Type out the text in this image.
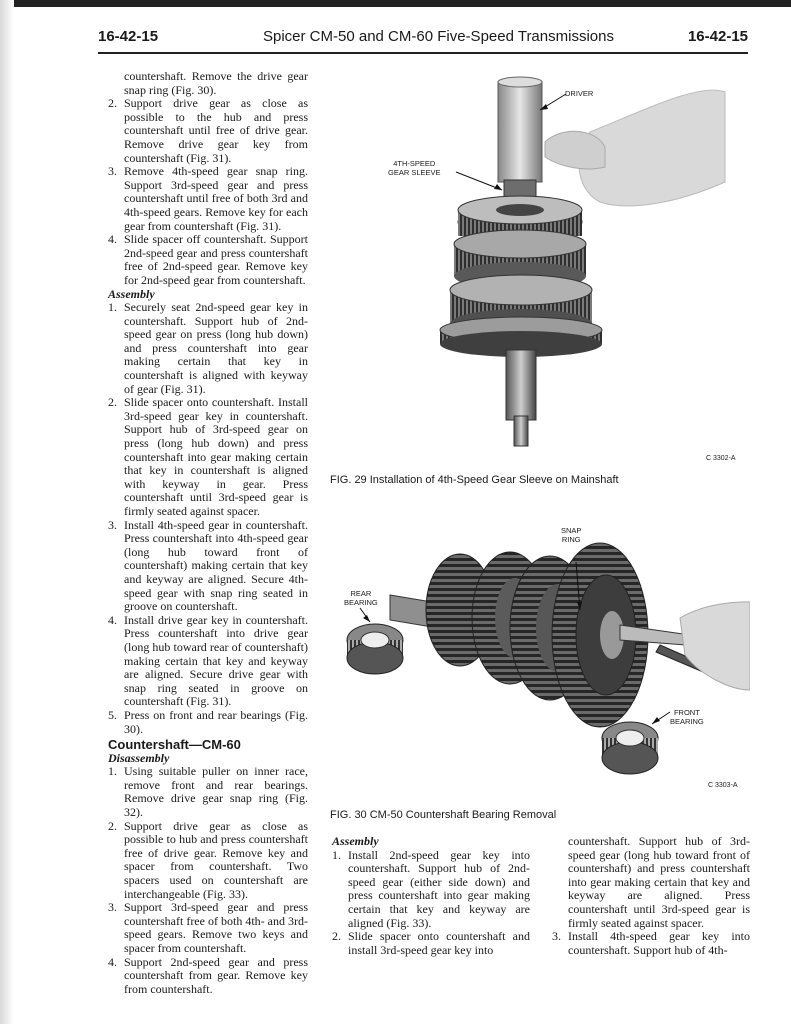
16-42-15	Spicer CM-50 and CM-60 Five-Speed Transmissions	16-42-15

countershaft. Remove the drive gear snap ring (Fig. 30).

2. Support drive gear as close as possible to the hub and press countershaft until free of drive gear. Remove drive gear key from countershaft (Fig. 31).
3. Remove 4th-speed gear snap ring. Support 3rd-speed gear and press countershaft until free of both 3rd and 4th-speed gears. Remove key for each gear from countershaft (Fig. 31).
4. Slide spacer off countershaft. Support 2nd-speed gear and press countershaft free of 2nd-speed gear. Remove key for 2nd-speed gear from countershaft.
Assembly
1. Securely seat 2nd-speed gear key in countershaft. Support hub of 2nd-speed gear on press (long hub down) and press countershaft into gear making certain that key in countershaft is aligned with keyway of gear (Fig. 31).
2. Slide spacer onto countershaft. Install 3rd-speed gear key in countershaft. Support hub of 3rd-speed gear on press (long hub down) and press countershaft into gear making certain that key in countershaft is aligned with keyway in gear. Press countershaft until 3rd-speed gear is firmly seated against spacer.
3. Install 4th-speed gear in countershaft. Press countershaft into 4th-speed gear (long hub toward front of countershaft) making certain that key and keyway are aligned. Secure 4th-speed gear with snap ring seated in groove on countershaft.
4. Install drive gear key in countershaft. Press countershaft into drive gear (long hub toward rear of countershaft) making certain that key and keyway are aligned. Secure drive gear with snap ring seated in groove on countershaft (Fig. 31).
5. Press on front and rear bearings (Fig. 30).
Countershaft—CM-60
Disassembly
1. Using suitable puller on inner race, remove front and rear bearings. Remove drive gear snap ring (Fig. 32).
2. Support drive gear as close as possible to hub and press countershaft free of drive gear. Remove key and spacer from countershaft. Two spacers used on countershaft are interchangeable (Fig. 33).
3. Support 3rd-speed gear and press countershaft free of both 4th- and 3rd-speed gears. Remove two keys and spacer from countershaft.
4. Support 2nd-speed gear and press countershaft from gear. Remove key from countershaft.
DRIVER
4TH-SPEED
GEAR SLEEVE
C 3302-A
FIG. 29 Installation of 4th-Speed Gear Sleeve on Mainshaft
SNAP
RING
REAR
BEARING
FRONT
BEARING
C 3303-A
FIG. 30 CM-50 Countershaft Bearing Removal
Assembly
1. Install 2nd-speed gear key into countershaft. Support hub of 2nd-speed gear (either side down) and press countershaft into gear making certain that key and keyway are aligned (Fig. 33).
2. Slide spacer onto countershaft and install 3rd-speed gear key into
countershaft. Support hub of 3rd-speed gear (long hub toward front of countershaft) and press countershaft into gear making certain that key and keyway are aligned. Press countershaft until 3rd-speed gear is firmly seated against spacer.
3. Install 4th-speed gear key into countershaft. Support hub of 4th-
